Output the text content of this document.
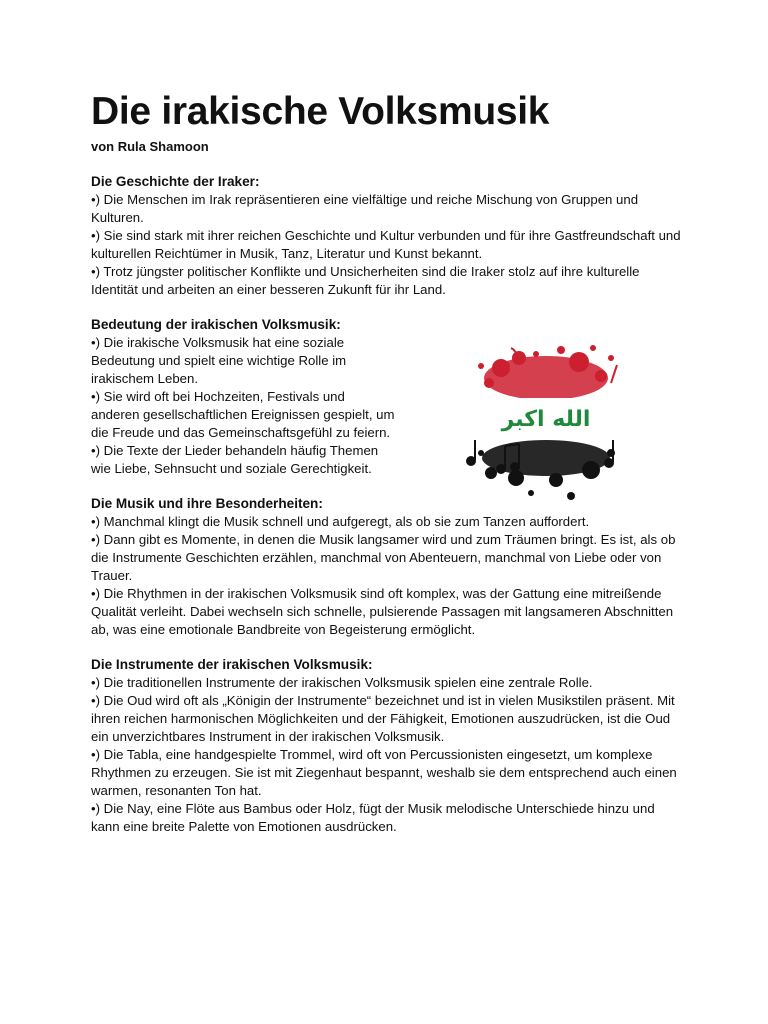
Die irakische Volksmusik
von Rula Shamoon
Die Geschichte der Iraker:

•) Die Menschen im Irak repräsentieren eine vielfältige und reiche Mischung von Gruppen und Kulturen.

•) Sie sind stark mit ihrer reichen Geschichte und Kultur verbunden und für ihre Gastfreundschaft und kulturellen Reichtümer in Musik, Tanz, Literatur und Kunst bekannt.

•) Trotz jüngster politischer Konflikte und Unsicherheiten sind die Iraker stolz auf ihre kulturelle Identität und arbeiten an einer besseren Zukunft für ihr Land.

Bedeutung der irakischen Volksmusik:

•) Die irakische Volksmusik hat eine soziale Bedeutung und spielt eine wichtige Rolle im irakischem Leben.

•) Sie wird oft bei Hochzeiten, Festivals und anderen gesellschaftlichen Ereignissen gespielt, um die Freude und das Gemeinschaftsgefühl zu feiern.

•) Die Texte der Lieder behandeln häufig Themen wie Liebe, Sehnsucht und soziale Gerechtigkeit.

الله اكبر
Die Musik und ihre Besonderheiten:

•) Manchmal klingt die Musik schnell und aufgeregt, als ob sie zum Tanzen auffordert.

•) Dann gibt es Momente, in denen die Musik langsamer wird und zum Träumen bringt. Es ist, als ob die Instrumente Geschichten erzählen, manchmal von Abenteuern, manchmal von Liebe oder von Trauer.

•) Die Rhythmen in der irakischen Volksmusik sind oft komplex, was der Gattung eine mitreißende Qualität verleiht. Dabei wechseln sich schnelle, pulsierende Passagen mit langsameren Abschnitten ab, was eine emotionale Bandbreite von Begeisterung ermöglicht.

Die Instrumente der irakischen Volksmusik:

•) Die traditionellen Instrumente der irakischen Volksmusik spielen eine zentrale Rolle.

•) Die Oud wird oft als „Königin der Instrumente“ bezeichnet und ist in vielen Musikstilen präsent. Mit ihren reichen harmonischen Möglichkeiten und der Fähigkeit, Emotionen auszudrücken, ist die Oud ein unverzichtbares Instrument in der irakischen Volksmusik.

•) Die Tabla, eine handgespielte Trommel, wird oft von Percussionisten eingesetzt, um komplexe Rhythmen zu erzeugen. Sie ist mit Ziegenhaut bespannt, weshalb sie dem entsprechend auch einen warmen, resonanten Ton hat.

•) Die Nay, eine Flöte aus Bambus oder Holz, fügt der Musik melodische Unterschiede hinzu und kann eine breite Palette von Emotionen ausdrücken.
